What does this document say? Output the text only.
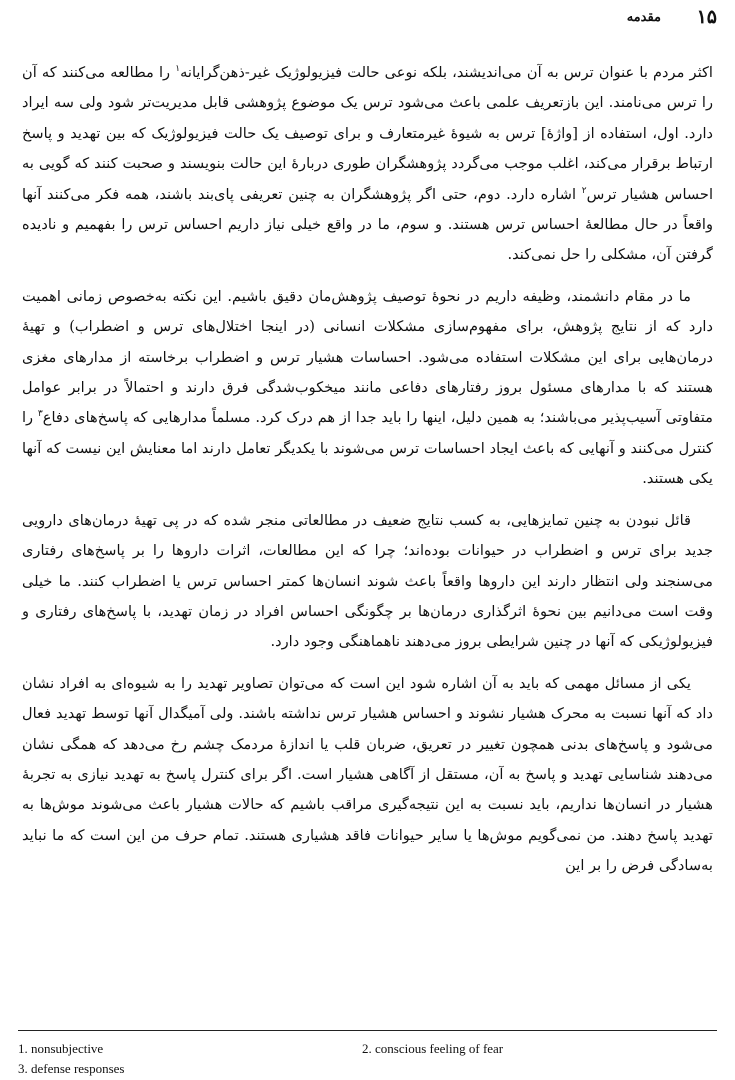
۱۵
مقدمه

اکثر مردم با عنوان ترس به آن می‌اندیشند، بلکه نوعی حالت فیزیولوژیک غیر-ذهن‌گرایانه$^۱$ را مطالعه می‌کنند که آن را ترس می‌نامند. این بازتعریف علمی باعث می‌شود ترس یک موضوع پژوهشی قابل مدیریت‌تر شود ولی سه ایراد دارد. اول، استفاده از [واژهٔ] ترس به شیوهٔ غیرمتعارف و برای توصیف یک حالت فیزیولوژیک که بین تهدید و پاسخ ارتباط برقرار می‌کند، اغلب موجب می‌گردد پژوهشگران طوری دربارهٔ این حالت بنویسند و صحبت کنند که گویی به احساس هشیار ترس$^۲$ اشاره دارد. دوم، حتی اگر پژوهشگران به چنین تعریفی پای‌بند باشند، همه فکر می‌کنند آنها واقعاً در حال مطالعهٔ احساس ترس هستند. و سوم، ما در واقع خیلی نیاز داریم احساس ترس را بفهمیم و نادیده گرفتن آن، مشکلی را حل نمی‌کند.

ما در مقام دانشمند، وظیفه داریم در نحوهٔ توصیف پژوهش‌مان دقیق باشیم. این نکته به‌خصوص زمانی اهمیت دارد که از نتایج پژوهش، برای مفهوم‌سازی مشکلات انسانی (در اینجا اختلال‌های ترس و اضطراب) و تهیهٔ درمان‌هایی برای این مشکلات استفاده می‌شود. احساسات هشیار ترس و اضطراب برخاسته از مدارهای مغزی هستند که با مدارهای مسئول بروز رفتارهای دفاعی مانند میخکوب‌شدگی فرق دارند و احتمالاً در برابر عوامل متفاوتی آسیب‌پذیر می‌باشند؛ به همین دلیل، اینها را باید جدا از هم درک کرد. مسلماً مدارهایی که پاسخ‌های دفاع$^۳$ را کنترل می‌کنند و آنهایی که باعث ایجاد احساسات ترس می‌شوند با یکدیگر تعامل دارند اما معنایش این نیست که آنها یکی هستند.

قائل نبودن به چنین تمایزهایی، به کسب نتایج ضعیف در مطالعاتی منجر شده که در پی تهیهٔ درمان‌های دارویی جدید برای ترس و اضطراب در حیوانات بوده‌اند؛ چرا که این مطالعات، اثرات داروها را بر پاسخ‌های رفتاری می‌سنجند ولی انتظار دارند این داروها واقعاً باعث شوند انسان‌ها کمتر احساس ترس یا اضطراب کنند. ما خیلی وقت است می‌دانیم بین نحوهٔ اثرگذاری درمان‌ها بر چگونگی احساس افراد در زمان تهدید، با پاسخ‌های رفتاری و فیزیولوژیکی که آنها در چنین شرایطی بروز می‌دهند ناهماهنگی وجود دارد.

یکی از مسائل مهمی که باید به آن اشاره شود این است که می‌توان تصاویر تهدید را به شیوه‌ای به افراد نشان داد که آنها نسبت به محرک هشیار نشوند و احساس هشیار ترس نداشته باشند. ولی آمیگدال آنها توسط تهدید فعال می‌شود و پاسخ‌های بدنی همچون تغییر در تعریق، ضربان قلب یا اندازهٔ مردمک چشم رخ می‌دهد که همگی نشان می‌دهند شناسایی تهدید و پاسخ به آن، مستقل از آگاهی هشیار است. اگر برای کنترل پاسخ به تهدید نیازی به تجربهٔ هشیار در انسان‌ها نداریم، باید نسبت به این نتیجه‌گیری مراقب باشیم که حالات هشیار باعث می‌شوند موش‌ها به تهدید پاسخ دهند. من نمی‌گویم موش‌ها یا سایر حیوانات فاقد هشیاری هستند. تمام حرف من این است که ما نباید به‌سادگی فرض را بر این

1. nonsubjective	2. conscious feeling of fear
3. defense responses
